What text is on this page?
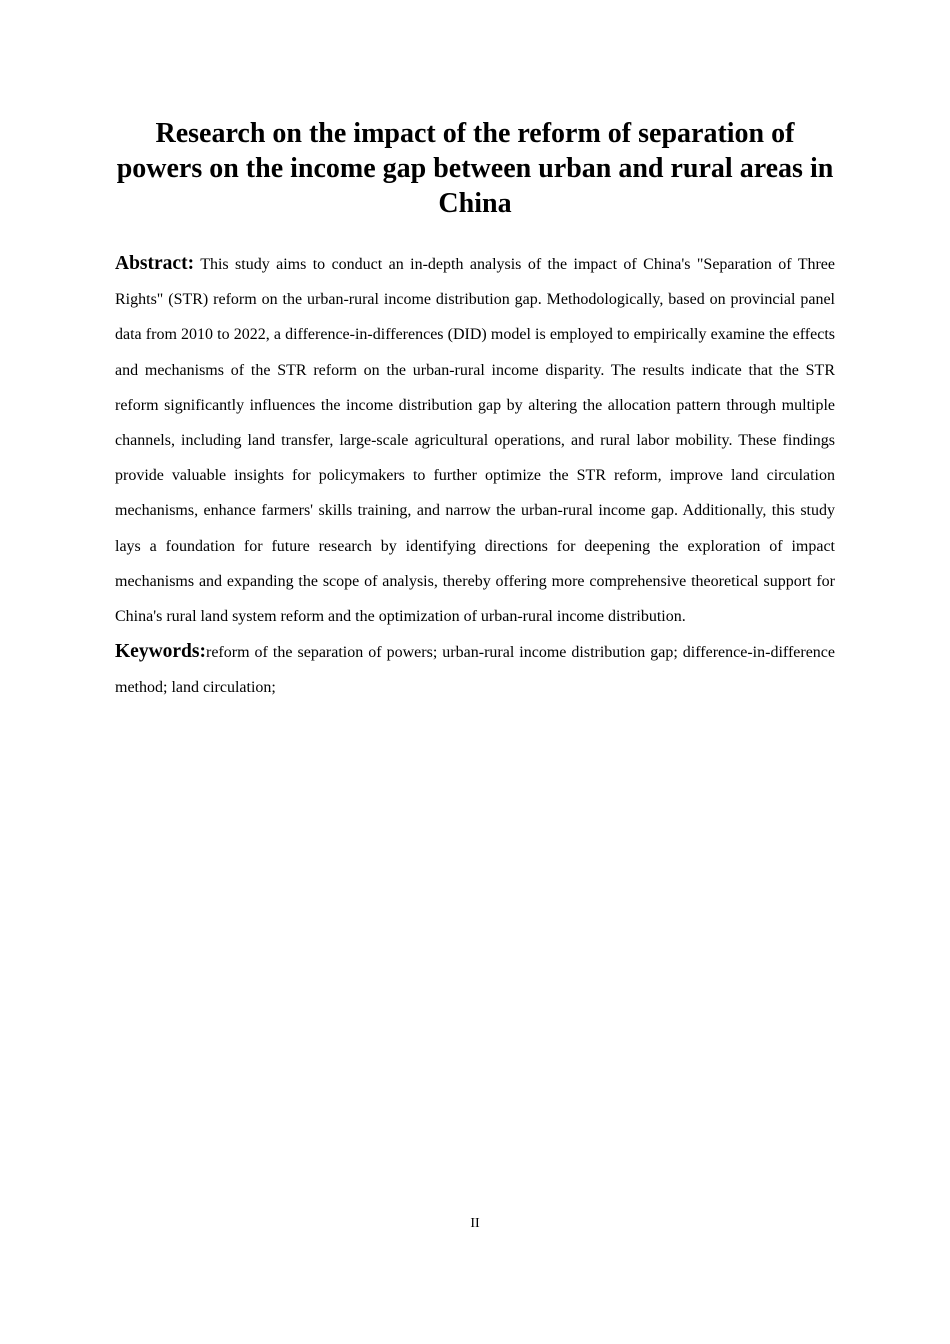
Research on the impact of the reform of separation of powers on the income gap between urban and rural areas in China

Abstract: This study aims to conduct an in-depth analysis of the impact of China's "Separation of Three Rights" (STR) reform on the urban-rural income distribution gap. Methodologically, based on provincial panel data from 2010 to 2022, a difference-in-differences (DID) model is employed to empirically examine the effects and mechanisms of the STR reform on the urban-rural income disparity. The results indicate that the STR reform significantly influences the income distribution gap by altering the allocation pattern through multiple channels, including land transfer, large-scale agricultural operations, and rural labor mobility. These findings provide valuable insights for policymakers to further optimize the STR reform, improve land circulation mechanisms, enhance farmers' skills training, and narrow the urban-rural income gap. Additionally, this study lays a foundation for future research by identifying directions for deepening the exploration of impact mechanisms and expanding the scope of analysis, thereby offering more comprehensive theoretical support for China's rural land system reform and the optimization of urban-rural income distribution.

Keywords:reform of the separation of powers; urban-rural income distribution gap; difference-in-difference method; land circulation;

II
